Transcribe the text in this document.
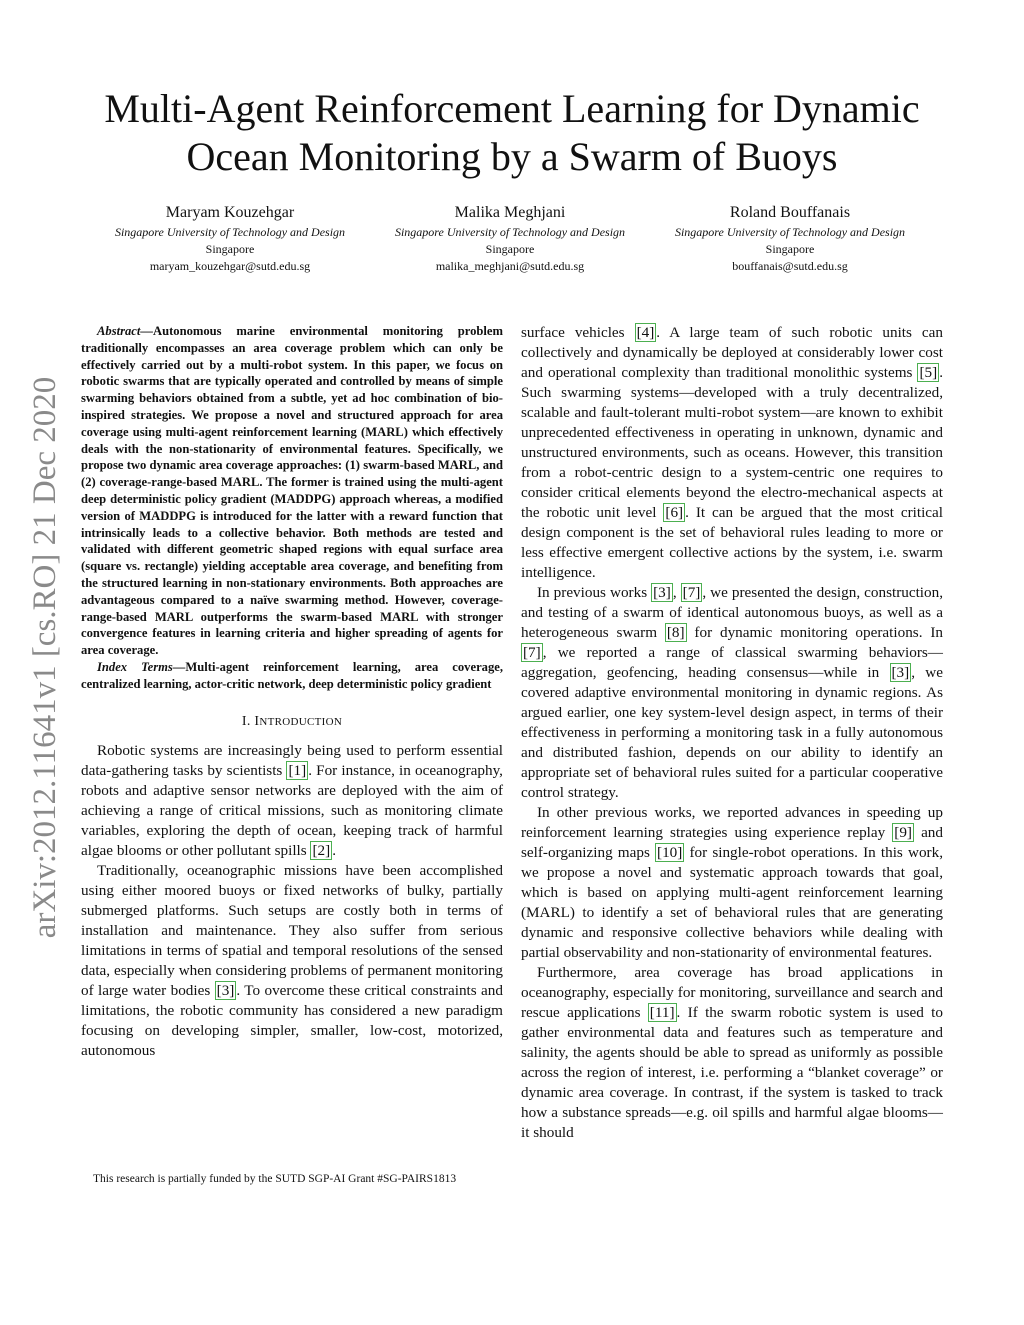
arXiv:2012.11641v1 [cs.RO] 21 Dec 2020
Multi-Agent Reinforcement Learning for Dynamic
Ocean Monitoring by a Swarm of Buoys
Maryam Kouzehgar
Singapore University of Technology and Design
Singapore
maryam_kouzehgar@sutd.edu.sg
Malika Meghjani
Singapore University of Technology and Design
Singapore
malika_meghjani@sutd.edu.sg
Roland Bouffanais
Singapore University of Technology and Design
Singapore
bouffanais@sutd.edu.sg

Abstract—Autonomous marine environmental monitoring problem traditionally encompasses an area coverage problem which can only be effectively carried out by a multi-robot system. In this paper, we focus on robotic swarms that are typically operated and controlled by means of simple swarming behaviors obtained from a subtle, yet ad hoc combination of bio-inspired strategies. We propose a novel and structured approach for area coverage using multi-agent reinforcement learning (MARL) which effectively deals with the non-stationarity of environmental features. Specifically, we propose two dynamic area coverage approaches: (1) swarm-based MARL, and (2) coverage-range-based MARL. The former is trained using the multi-agent deep deterministic policy gradient (MADDPG) approach whereas, a modified version of MADDPG is introduced for the latter with a reward function that intrinsically leads to a collective behavior. Both methods are tested and validated with different geometric shaped regions with equal surface area (square vs. rectangle) yielding acceptable area coverage, and benefiting from the structured learning in non-stationary environments. Both approaches are advantageous compared to a naïve swarming method. However, coverage-range-based MARL outperforms the swarm-based MARL with stronger convergence features in learning criteria and higher spreading of agents for area coverage.

Index Terms—Multi-agent reinforcement learning, area coverage, centralized learning, actor-critic network, deep deterministic policy gradient

I. INTRODUCTION

Robotic systems are increasingly being used to perform essential data-gathering tasks by scientists [1] . For instance, in oceanography, robots and adaptive sensor networks are deployed with the aim of achieving a range of critical missions, such as monitoring climate variables, exploring the depth of ocean, keeping track of harmful algae blooms or other pollutant spills [2] .

Traditionally, oceanographic missions have been accomplished using either moored buoys or fixed networks of bulky, partially submerged platforms. Such setups are costly both in terms of installation and maintenance. They also suffer from serious limitations in terms of spatial and temporal resolutions of the sensed data, especially when considering problems of permanent monitoring of large water bodies [3] . To overcome these critical constraints and limitations, the robotic community has considered a new paradigm focusing on developing simpler, smaller, low-cost, motorized, autonomous

surface vehicles [4] . A large team of such robotic units can collectively and dynamically be deployed at considerably lower cost and operational complexity than traditional monolithic systems [5] . Such swarming systems—developed with a truly decentralized, scalable and fault-tolerant multi-robot system—are known to exhibit unprecedented effectiveness in operating in unknown, dynamic and unstructured environments, such as oceans. However, this transition from a robot-centric design to a system-centric one requires to consider critical elements beyond the electro-mechanical aspects at the robotic unit level [6] . It can be argued that the most critical design component is the set of behavioral rules leading to more or less effective emergent collective actions by the system, i.e. swarm intelligence.

In previous works [3] , [7] , we presented the design, construction, and testing of a swarm of identical autonomous buoys, as well as a heterogeneous swarm [8] for dynamic monitoring operations. In [7] , we reported a range of classical swarming behaviors—aggregation, geofencing, heading consensus—while in [3] , we covered adaptive environmental monitoring in dynamic regions. As argued earlier, one key system-level design aspect, in terms of their effectiveness in performing a monitoring task in a fully autonomous and distributed fashion, depends on our ability to identify an appropriate set of behavioral rules suited for a particular cooperative control strategy.

In other previous works, we reported advances in speeding up reinforcement learning strategies using experience replay [9] and self-organizing maps [10] for single-robot operations. In this work, we propose a novel and systematic approach towards that goal, which is based on applying multi-agent reinforcement learning (MARL) to identify a set of behavioral rules that are generating dynamic and responsive collective behaviors while dealing with partial observability and non-stationarity of environmental features.

Furthermore, area coverage has broad applications in oceanography, especially for monitoring, surveillance and search and rescue applications [11] . If the swarm robotic system is used to gather environmental data and features such as temperature and salinity, the agents should be able to spread as uniformly as possible across the region of interest, i.e. performing a “blanket coverage” or dynamic area coverage. In contrast, if the system is tasked to track how a substance spreads—e.g. oil spills and harmful algae blooms—it should

This research is partially funded by the SUTD SGP-AI Grant #SG-PAIRS1813
